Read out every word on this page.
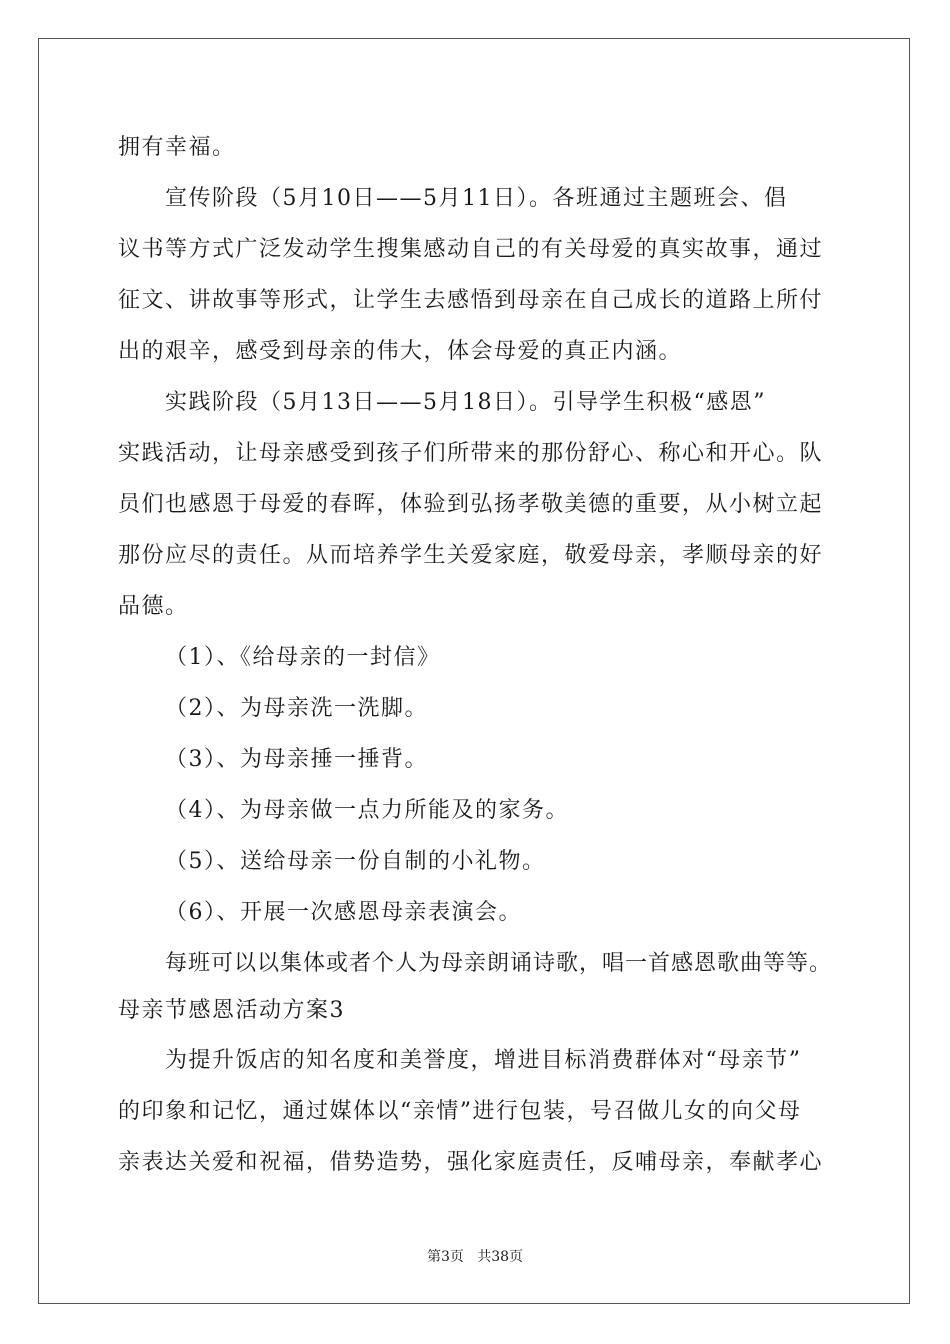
拥有幸福。
宣传阶段（5月10日——5月11日）。各班通过主题班会、倡
议书等方式广泛发动学生搜集感动自己的有关母爱的真实故事，通过
征文、讲故事等形式，让学生去感悟到母亲在自己成长的道路上所付
出的艰辛，感受到母亲的伟大，体会母爱的真正内涵。
实践阶段（5月13日——5月18日）。引导学生积极“感恩”
实践活动，让母亲感受到孩子们所带来的那份舒心、称心和开心。队
员们也感恩于母爱的春晖，体验到弘扬孝敬美德的重要，从小树立起
那份应尽的责任。从而培养学生关爱家庭，敬爱母亲，孝顺母亲的好
品德。
（1）、《给母亲的一封信》
（2）、为母亲洗一洗脚。
（3）、为母亲捶一捶背。
（4）、为母亲做一点力所能及的家务。
（5）、送给母亲一份自制的小礼物。
（6）、开展一次感恩母亲表演会。
每班可以以集体或者个人为母亲朗诵诗歌，唱一首感恩歌曲等等。
母亲节感恩活动方案3
为提升饭店的知名度和美誉度，增进目标消费群体对“母亲节”
的印象和记忆，通过媒体以“亲情”进行包装，号召做儿女的向父母
亲表达关爱和祝福，借势造势，强化家庭责任，反哺母亲，奉献孝心
第3页   共38页
